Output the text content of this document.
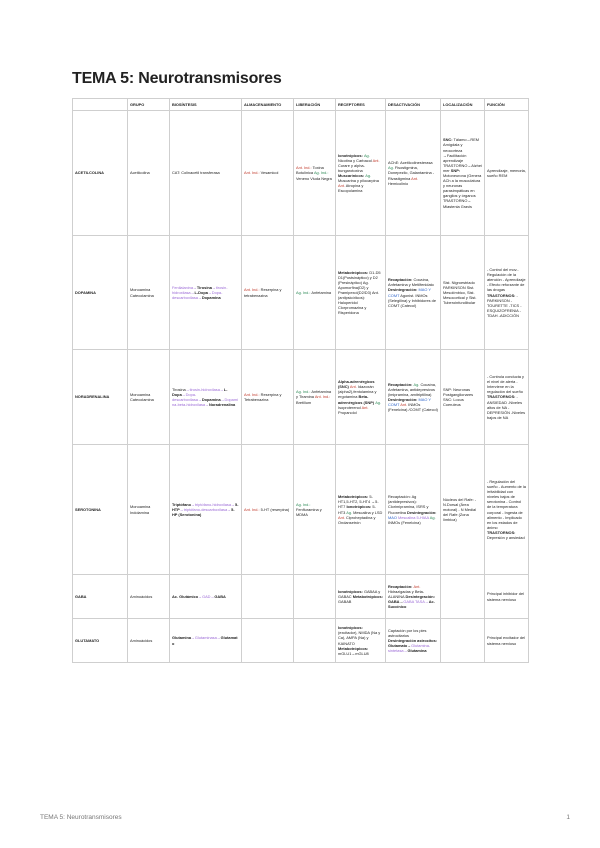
TEMA 5: Neurotransmisores
	GRUPO	BIOSÍNTESIS	ALMACENAMIENTO	LIBERACIÓN	RECEPTORES	DESACTIVACIÓN	LOCALIZACIÓN	FUNCIÓN
ACETILCOLINA	Acetilcolina	CAT: Colinacetil transferasa	Ant. Ind.: Vesamicol	Ant. Ind.: Toxina Botulínica Ag. Ind.: Veneno Viuda Negra	Ionotrópicos: Ag. Nicotina y Carbacol Ant. Curare y alpha-bungarotoxina Muscarínicos: Ag. Muscarina y pilocarpina Ant. Atropina y Escopolamina	AChE: Acetilcolinesterasa Ag. Fisostigmina, Donepezilo, Galantamina - Rivastigmina Ant. Hemicolinio	SNC: Tálamo→REM Amígdala y neocorteza →Facilitación aprendizaje TRASTORNO→Alzheimer SNP: Motoneurona (Genera ACh a la musculatura y neuronas parasimpáticas en ganglios y órganos TRASTORNO→ Miastenia Gravis	Aprendizaje, memoria, sueño REM
DOPAMINA	Monoamina Catecolamina	Fenilalanina→Tirosina→tirosin-hidroxilasa→L-Dopa→Dopa-descarboxilasa→Dopamina	Ant. Ind.: Reserpina y tetrabenazina	Ag. Ind.: Anfetamina	Metabotrópicos: D1-D5 D1(Postsináptico) y D2 (Presináptico) Ag. Apomorfina(D2) y Pramipexol(D2/D3) Ant.(antipsicóticos): Haloperidol Clorpromazina y Risperidona	Recaptación: Cocaína, Anfetamina y Metilfenidato Desintegración: MAO Y COMT Agonist. INMOs (Selegilina) y Inhibidores de COMT (Catecol)	Sist. Nigroestriado PARKINSON Sist. Mesolímbico, Sist. Mesocortical y Sist. Tuberoinfundibular	- Control del mov.- Regulación de la atención - Aprendizaje - Efecto reforzante de las drogas TRASTORNOS: -PARKINSON -TOURETTE -TICS -ESQUIZOFRENIA -TDAH -ADICCIÓN
NORADRENALINA	Monoamina Catecolamina	Tirosina→tirosin-hidroxilasa→L-Dopa→Dopa-descarboxilasa→Dopamina→Dopamina-beta-hidroxilasa→Noradrenalina	Ant. Ind.: Reserpina y Tetrabenazina	Ag. Ind.: Anfetamina y Tiramina Ant. Ind.: Bretilium	Alpha-adrenérgicos (SNC) Ant. Idazoxán (alpha2),fentolamina y ergotamina Beta-adrenérgicos (SNP) Ag. Isoproterenol Ant. Propanolol	Recaptación: Ag. Cocaína, Anfetamina, antidepresivos (imipramina, amitriptilina) Desintegración: MAO Y COMT Ant. INMOs (Fenelcina) /COMT (Catecol)	SNP: Neuronas Postganglionares SNC: Locus Coeruleus	- Controla conducta y el nivel de alerta - Interviene en la regulación del sueño TRASTORNOS: - ANSIEDAD -Niveles altos de NA - DEPRESIÓN -Niveles bajos de NA
SEROTONINA	Monoamina Indolamina	Triptófano→triptófano-hidroxilasa→5-HTP→triptófano-descarboxilasa→5-HP (Serotonina)	Ant. Ind.: 5-HT (reserpina)	Ag. Ind.: Fenfluramina y MDMA	Metabotrópicos: 5-HT1,5-HT2, 5-HT4 →5-HT7 Ionotrópicos: 5-HT3 Ag. Mescalina y LSD Ant. Ciproheptadina y Ondansetrón	Recaptación: Ag (antidepresivos): Clorimipramina, ISRS y Fluoxetina Desintegración: MAO Mescalina 5-HIAA Ag. INMOs (Fenelcina)	Núcleos del Rafe: - N.Dorsal (Área motoral) - N Medial del Rafe (Zona límbica)	- Regulación del sueño - Aumento de la irritabilidad con niveles bajos de serotonina - Control de la temperatura corporal - Ingesta de alimento - Implicado en los estados de ánimo TRASTORNOS: Depresión y ansiedad
GABA	Aminoácidos	Ac. Glutámico→GAD→GABA			Ionotrópicos: GABAA y GABAC Metabotrópicos: GABAB	Recaptación: Ant. Hidrazigadas y Beta-ALANINA Desintegración: GABA→GABA TASA→Ac. Succínico		Principal inhibidor del sistema nervioso
GLUTAMATO	Aminoácidos	Glutamina→Glutaminasa→Glutamato			Ionotrópicos: (excitador), NMDA (Na y Ca), AMPA (Na) y KAINATO Metabotrópicos: mGLU1→mGLU8	Captación por los pies astrocitarios Desintegración astrocitos: Glutamato→Glutamina-sintetasa→Glutamina		Principal excitador del sistema nervioso
TEMA 5: Neurotransmisores	1
